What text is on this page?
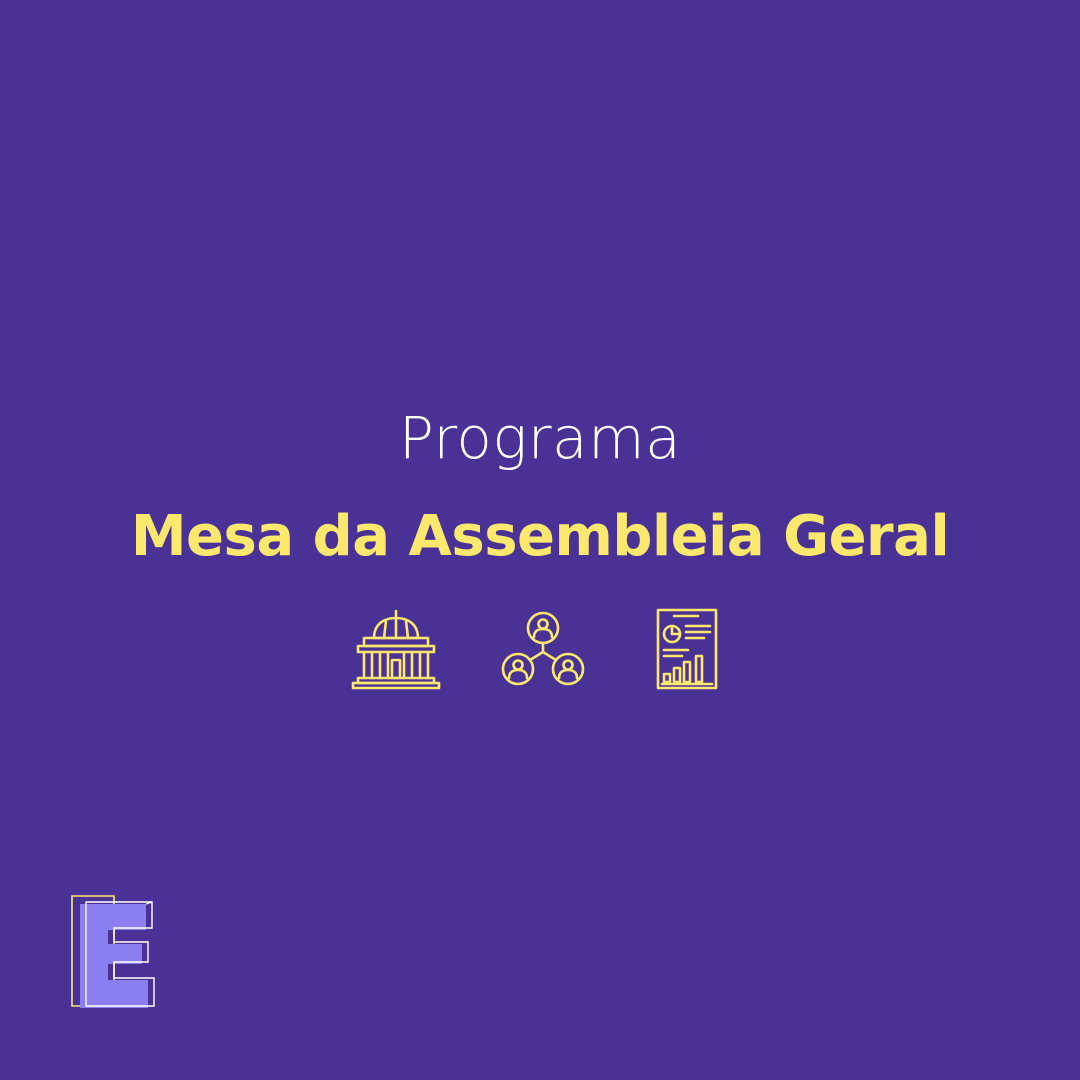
Programa
Mesa da Assembleia Geral
